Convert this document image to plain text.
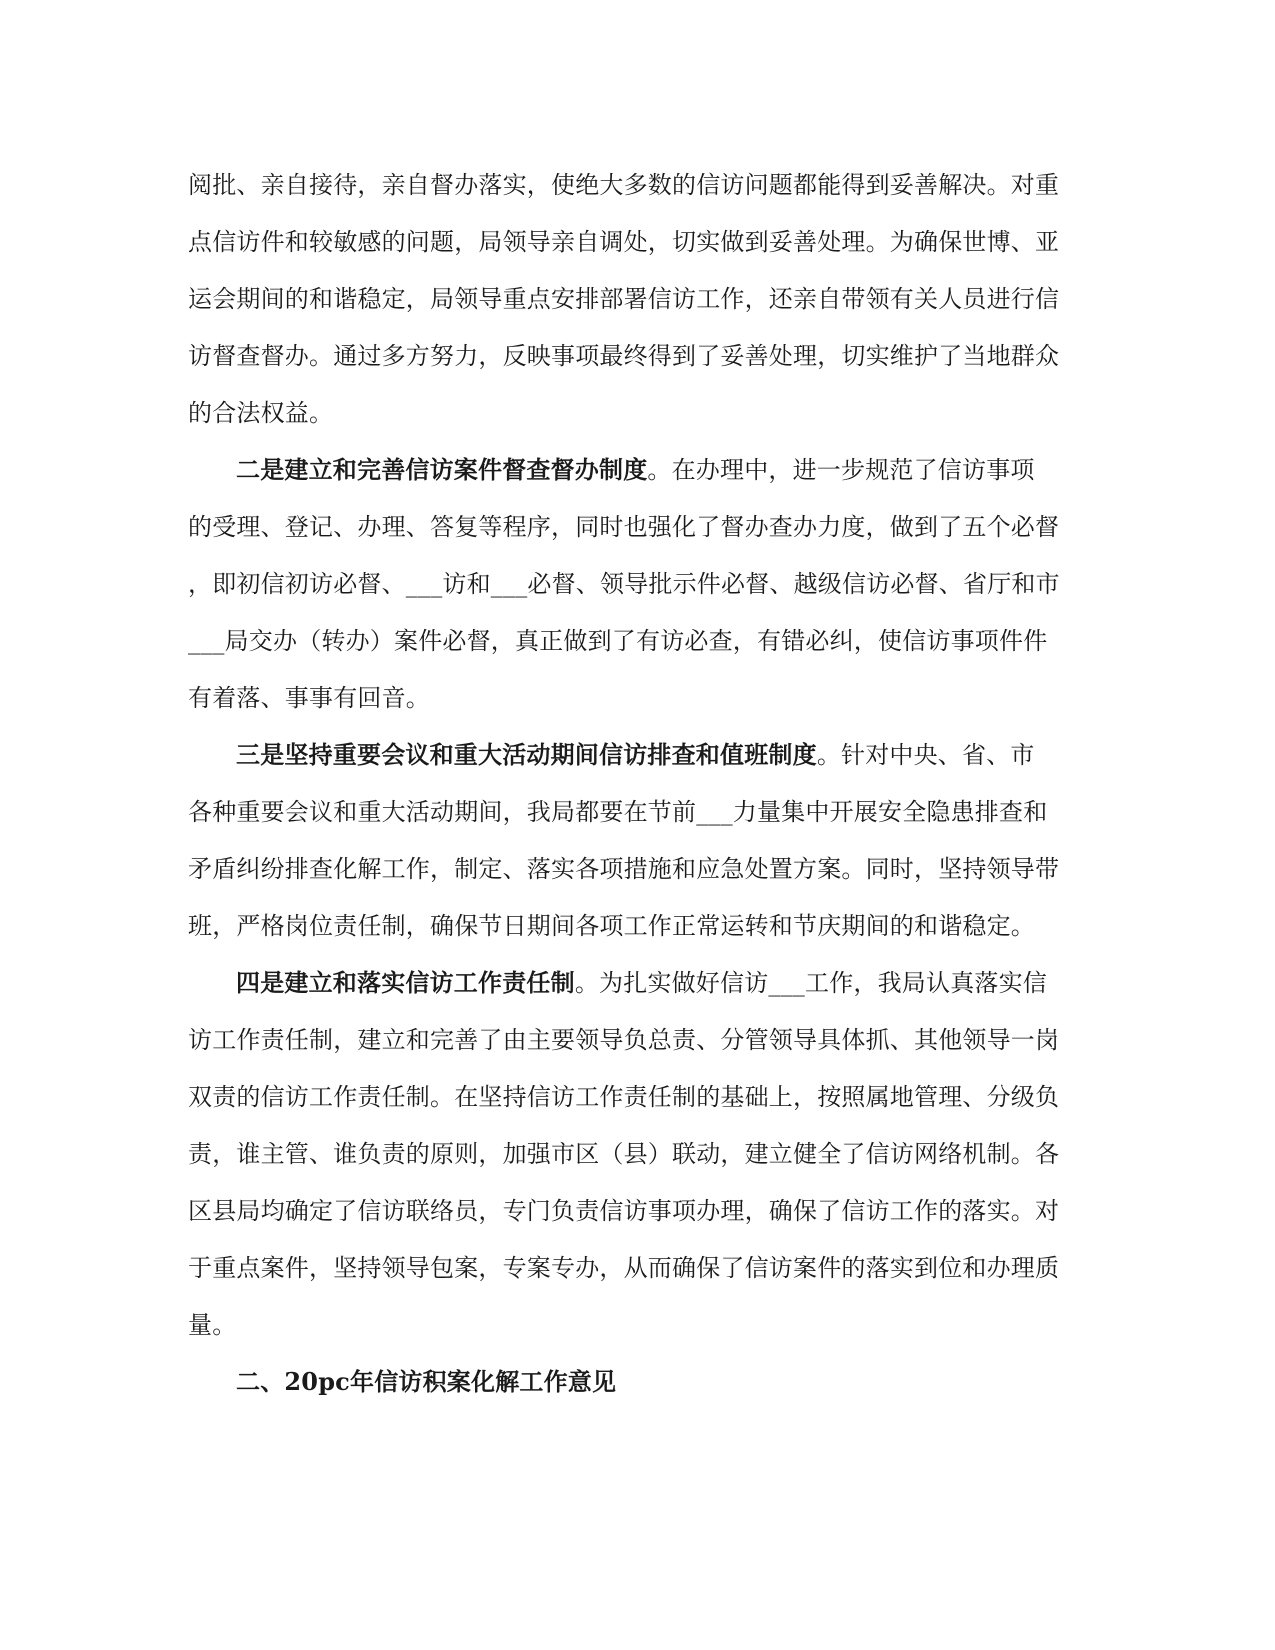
阅批、亲自接待，亲自督办落实，使绝大多数的信访问题都能得到妥善解决。对重
点信访件和较敏感的问题，局领导亲自调处，切实做到妥善处理。为确保世博、亚
运会期间的和谐稳定，局领导重点安排部署信访工作，还亲自带领有关人员进行信
访督查督办。通过多方努力，反映事项最终得到了妥善处理，切实维护了当地群众
的合法权益。
二是建立和完善信访案件督查督办制度。在办理中，进一步规范了信访事项
的受理、登记、办理、答复等程序，同时也强化了督办查办力度，做到了五个必督
，即初信初访必督、___访和___必督、领导批示件必督、越级信访必督、省厅和市
___局交办（转办）案件必督，真正做到了有访必查，有错必纠，使信访事项件件
有着落、事事有回音。
三是坚持重要会议和重大活动期间信访排查和值班制度。针对中央、省、市
各种重要会议和重大活动期间，我局都要在节前___力量集中开展安全隐患排查和
矛盾纠纷排查化解工作，制定、落实各项措施和应急处置方案。同时，坚持领导带
班，严格岗位责任制，确保节日期间各项工作正常运转和节庆期间的和谐稳定。
四是建立和落实信访工作责任制。为扎实做好信访___工作，我局认真落实信
访工作责任制，建立和完善了由主要领导负总责、分管领导具体抓、其他领导一岗
双责的信访工作责任制。在坚持信访工作责任制的基础上，按照属地管理、分级负
责，谁主管、谁负责的原则，加强市区（县）联动，建立健全了信访网络机制。各
区县局均确定了信访联络员，专门负责信访事项办理，确保了信访工作的落实。对
于重点案件，坚持领导包案，专案专办，从而确保了信访案件的落实到位和办理质
量。
二、20pc年信访积案化解工作意见
